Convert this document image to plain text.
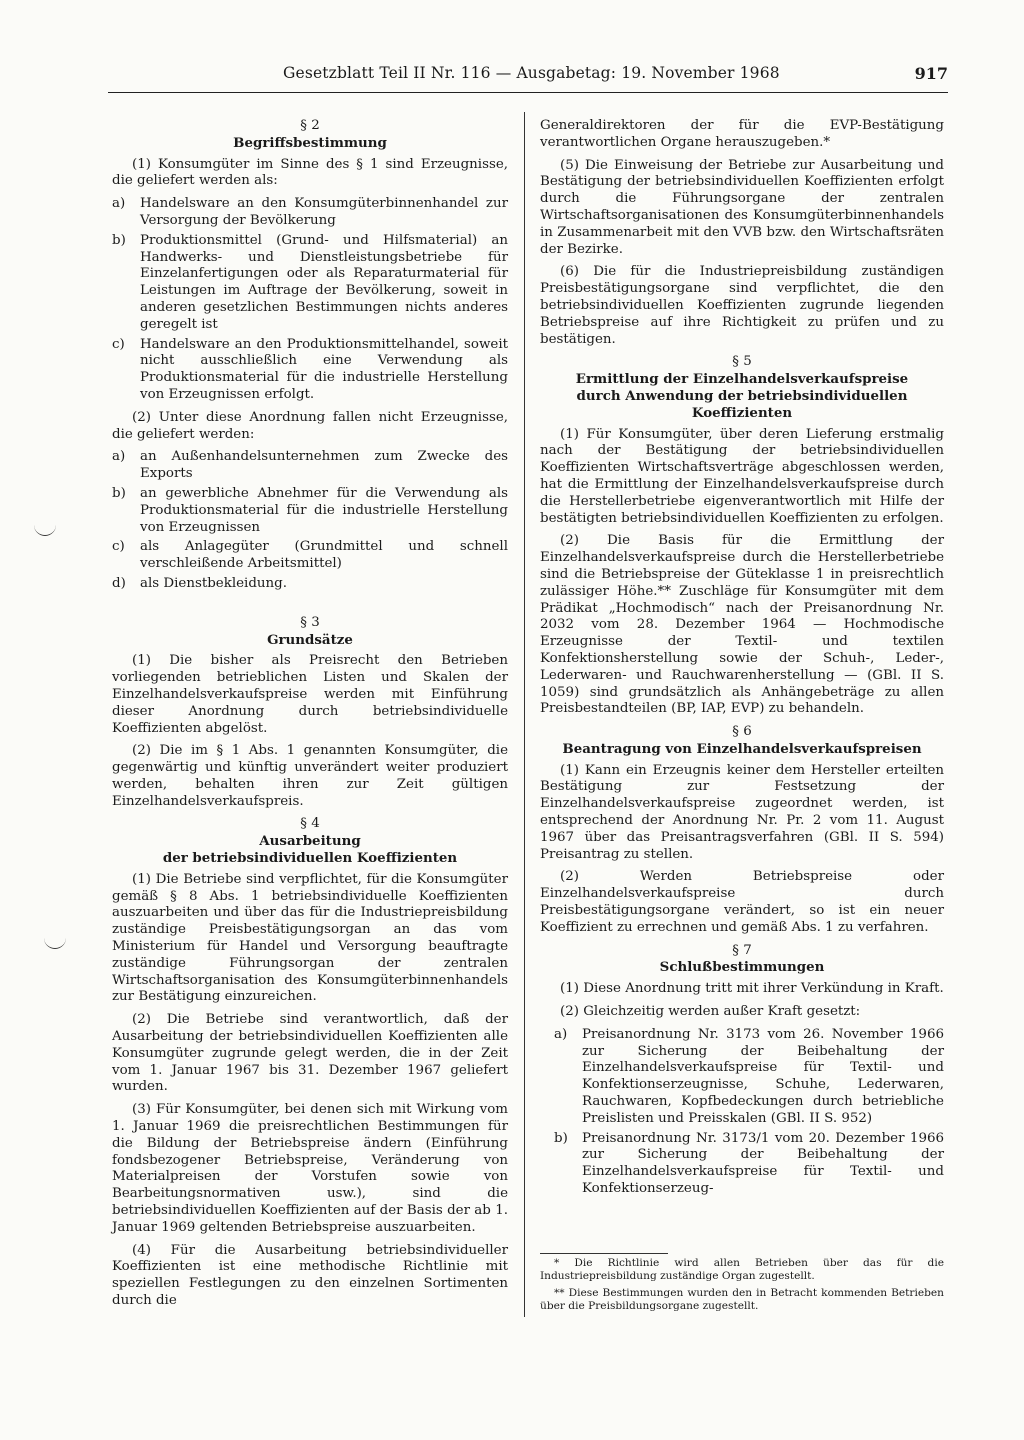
Gesetzblatt Teil II Nr. 116 — Ausgabetag: 19. November 1968	917
§ 2
Begriffsbestimmung

(1) Konsumgüter im Sinne des § 1 sind Erzeugnisse, die geliefert werden als:

a)	Handelsware an den Konsumgüterbinnenhandel zur Versorgung der Bevölkerung
b)	Produktionsmittel (Grund- und Hilfsmaterial) an Handwerks- und Dienstleistungsbetriebe für Einzelanfertigungen oder als Reparaturmaterial für Leistungen im Auftrage der Bevölkerung, soweit in anderen gesetzlichen Bestimmungen nichts anderes geregelt ist
c)	Handelsware an den Produktionsmittelhandel, soweit nicht ausschließlich eine Verwendung als Produktionsmaterial für die industrielle Herstellung von Erzeugnissen erfolgt.

(2) Unter diese Anordnung fallen nicht Erzeugnisse, die geliefert werden:

a)	an Außenhandelsunternehmen zum Zwecke des Exports
b)	an gewerbliche Abnehmer für die Verwendung als Produktionsmaterial für die industrielle Herstellung von Erzeugnissen
c)	als Anlagegüter (Grundmittel und schnell verschleißende Arbeitsmittel)
d)	als Dienstbekleidung.
§ 3
Grundsätze

(1) Die bisher als Preisrecht den Betrieben vorliegenden betrieblichen Listen und Skalen der Einzelhandelsverkaufspreise werden mit Einführung dieser Anordnung durch betriebsindividuelle Koeffizienten abgelöst.

(2) Die im § 1 Abs. 1 genannten Konsumgüter, die gegenwärtig und künftig unverändert weiter produziert werden, behalten ihren zur Zeit gültigen Einzelhandelsverkaufspreis.

§ 4
Ausarbeitung
der betriebsindividuellen Koeffizienten

(1) Die Betriebe sind verpflichtet, für die Konsumgüter gemäß § 8 Abs. 1 betriebsindividuelle Koeffizienten auszuarbeiten und über das für die Industriepreisbildung zuständige Preisbestätigungsorgan an das vom Ministerium für Handel und Versorgung beauftragte zuständige Führungsorgan der zentralen Wirtschaftsorganisation des Konsumgüterbinnenhandels zur Bestätigung einzureichen.

(2) Die Betriebe sind verantwortlich, daß der Ausarbeitung der betriebsindividuellen Koeffizienten alle Konsumgüter zugrunde gelegt werden, die in der Zeit vom 1. Januar 1967 bis 31. Dezember 1967 geliefert wurden.

(3) Für Konsumgüter, bei denen sich mit Wirkung vom 1. Januar 1969 die preisrechtlichen Bestimmungen für die Bildung der Betriebspreise ändern (Einführung fondsbezogener Betriebspreise, Veränderung von Materialpreisen der Vorstufen sowie von Bearbeitungsnormativen usw.), sind die betriebsindividuellen Koeffizienten auf der Basis der ab 1. Januar 1969 geltenden Betriebspreise auszuarbeiten.

(4) Für die Ausarbeitung betriebsindividueller Koeffizienten ist eine methodische Richtlinie mit speziellen Festlegungen zu den einzelnen Sortimenten durch die

Generaldirektoren der für die EVP-Bestätigung verantwortlichen Organe herauszugeben.*

(5) Die Einweisung der Betriebe zur Ausarbeitung und Bestätigung der betriebsindividuellen Koeffizienten erfolgt durch die Führungsorgane der zentralen Wirtschaftsorganisationen des Konsumgüterbinnenhandels in Zusammenarbeit mit den VVB bzw. den Wirtschaftsräten der Bezirke.

(6) Die für die Industriepreisbildung zuständigen Preisbestätigungsorgane sind verpflichtet, die den betriebsindividuellen Koeffizienten zugrunde liegenden Betriebspreise auf ihre Richtigkeit zu prüfen und zu bestätigen.

§ 5
Ermittlung der Einzelhandelsverkaufspreise
durch Anwendung der betriebsindividuellen
Koeffizienten

(1) Für Konsumgüter, über deren Lieferung erstmalig nach der Bestätigung der betriebsindividuellen Koeffizienten Wirtschaftsverträge abgeschlossen werden, hat die Ermittlung der Einzelhandelsverkaufspreise durch die Herstellerbetriebe eigenverantwortlich mit Hilfe der bestätigten betriebsindividuellen Koeffizienten zu erfolgen.

(2) Die Basis für die Ermittlung der Einzelhandelsverkaufspreise durch die Herstellerbetriebe sind die Betriebspreise der Güteklasse 1 in preisrechtlich zulässiger Höhe.** Zuschläge für Konsumgüter mit dem Prädikat „Hochmodisch“ nach der Preisanordnung Nr. 2032 vom 28. Dezember 1964 — Hochmodische Erzeugnisse der Textil- und textilen Konfektionsherstellung sowie der Schuh-, Leder-, Lederwaren- und Rauchwarenherstellung — (GBl. II S. 1059) sind grundsätzlich als Anhängebeträge zu allen Preisbestandteilen (BP, IAP, EVP) zu behandeln.

§ 6
Beantragung von Einzelhandelsverkaufspreisen

(1) Kann ein Erzeugnis keiner dem Hersteller erteilten Bestätigung zur Festsetzung der Einzelhandelsverkaufspreise zugeordnet werden, ist entsprechend der Anordnung Nr. Pr. 2 vom 11. August 1967 über das Preisantragsverfahren (GBl. II S. 594) Preisantrag zu stellen.

(2) Werden Betriebspreise oder Einzelhandelsverkaufspreise durch Preisbestätigungsorgane verändert, so ist ein neuer Koeffizient zu errechnen und gemäß Abs. 1 zu verfahren.

§ 7
Schlußbestimmungen

(1) Diese Anordnung tritt mit ihrer Verkündung in Kraft.

(2) Gleichzeitig werden außer Kraft gesetzt:

a)	Preisanordnung Nr. 3173 vom 26. November 1966 zur Sicherung der Beibehaltung der Einzelhandelsverkaufspreise für Textil- und Konfektionserzeugnisse, Schuhe, Lederwaren, Rauchwaren, Kopfbedeckungen durch betriebliche Preislisten und Preisskalen (GBl. II S. 952)
b)	Preisanordnung Nr. 3173/1 vom 20. Dezember 1966 zur Sicherung der Beibehaltung der Einzelhandelsverkaufspreise für Textil- und Konfektionserzeug-

* Die Richtlinie wird allen Betrieben über das für die Industriepreisbildung zuständige Organ zugestellt.

** Diese Bestimmungen wurden den in Betracht kommenden Betrieben über die Preisbildungsorgane zugestellt.
